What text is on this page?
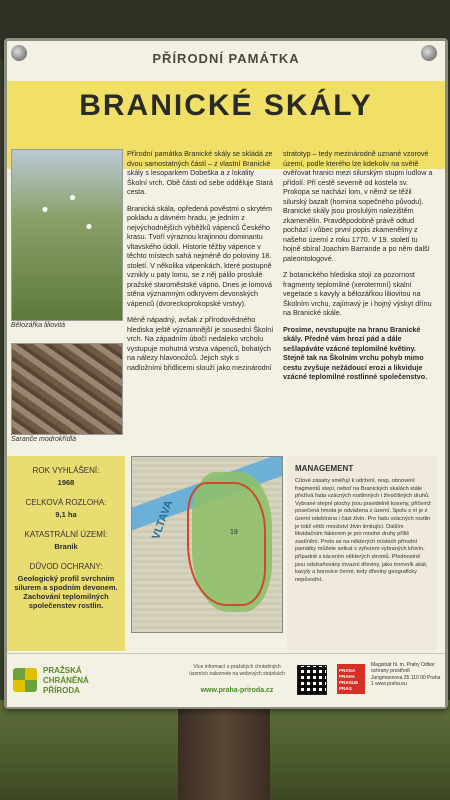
PŘÍRODNÍ PAMÁTKA
BRANICKÉ SKÁLY
Bělozářka liliovitá
Saranče modrokřídlá

Přírodní památka Branické skály se skládá ze dvou samostatných částí – z vlastní Branické skály s lesoparkem Dobeška a z lokality Školní vrch. Obě části od sebe odděluje Stará cesta.

Branická skála, opředená pověstmi o skrytém pokladu a dávném hradu, je jedním z nejvýchodnějších výběžků vápenců Českého krasu. Tvoří výraznou krajinnou dominantu vltavského údolí. Historie těžby vápence v těchto místech sahá nejméně do poloviny 18. století. V několika vápenkách, které postupně vznikly u paty lomu, se z něj pálilo proslulé pražské staroměstské vápno. Dnes je lomová stěna významným odkryvem devonských vápenců (dvoreckoprokopské vrstvy).

Méně nápadný, avšak z přírodovědného hlediska ještě významnější je sousední Školní vrch. Na západním úbočí nedaleko vrcholu vystupuje mohutná vrstva vápenců, bohatých na nálezy hlavonožců. Jejich styk s nadložními břidlicemi slouží jako mezinárodní

stratotyp – tedy mezinárodně uznané vzorové území, podle kterého lze kdekoliv na světě ověřovat hranici mezi silurským stupni ludlow a přídolí. Při cestě severně od kostela sv. Prokopa se nachází lom, v němž se těžil silurský bazalt (hornina sopečného původu). Branické skály jsou proslulým nalezištěm zkamenělin. Pravděpodobně právě odtud pochází i vůbec první popis zkameněliny z našeho území z roku 1770. V 19. století tu hojně sbíral Joachim Barrande a po něm další paleontologové.

Z botanického hlediska stojí za pozornost fragmenty teplomilné (xerotermní) skalní vegetace s kavyly a bělozářkou liliovitou na Školním vrchu, zajímavý je i hojný výskyt dřínu na Branické skále.

Prosíme, nevstupujte na hranu Branické skály. Předně vám hrozí pád a dále sešlapáváte vzácné teplomilné květiny. Stejně tak na Školním vrchu pohyb mimo cestu zvyšuje nežádoucí erozi a likviduje vzácné teplomilné rostlinné společenstvo.

ROK VYHLÁŠENÍ:
1968
CELKOVÁ ROZLOHA:
9,1 ha
KATASTRÁLNÍ ÚZEMÍ:
Braník
DŮVOD OCHRANY:
Geologický profil svrchním silurem a spodním devonem. Zachování teplomilných společenstev rostlin.
VLTAVA	19
MANAGEMENT
Cílové zásahy směřují k udržení, resp. obnovení fragmentů stepí, neboť na Branických skalách stále přežívá řada vzácných rostlinných i živočišných druhů. Vybrané stepní plochy jsou pravidelně koseny, přičemž posečená hmota je odvážena z území. Spolu s ní je z území odebírána i část živin. Pro řadu vzácných rostlin je totiž větší množství živin limitující. Dalším likvidačním faktorem je pro mnohé druhy příliš zastínění. Proto se na některých místech přírodní památky můžete setkat s vyřezem vybraných křovin, případně s kácením některých stromů. Přednostně jsou odstraňovány invazní dřeviny, jako trnovník akát, kavyly a borovice černé, tedy dřeviny geograficky nepůvodní.
PRAŽSKÁ
CHRÁNĚNÁ
PŘÍRODA
Více informací o pražských chráněných územích naleznete na webových stránkách
www.praha-priroda.cz
PRAGA
PRAHA
PRAGUE
PRAG
Magistrát hl. m. Prahy Odbor ochrany prostředí Jungmannova 35 110 00 Praha 1 www.praha.eu
